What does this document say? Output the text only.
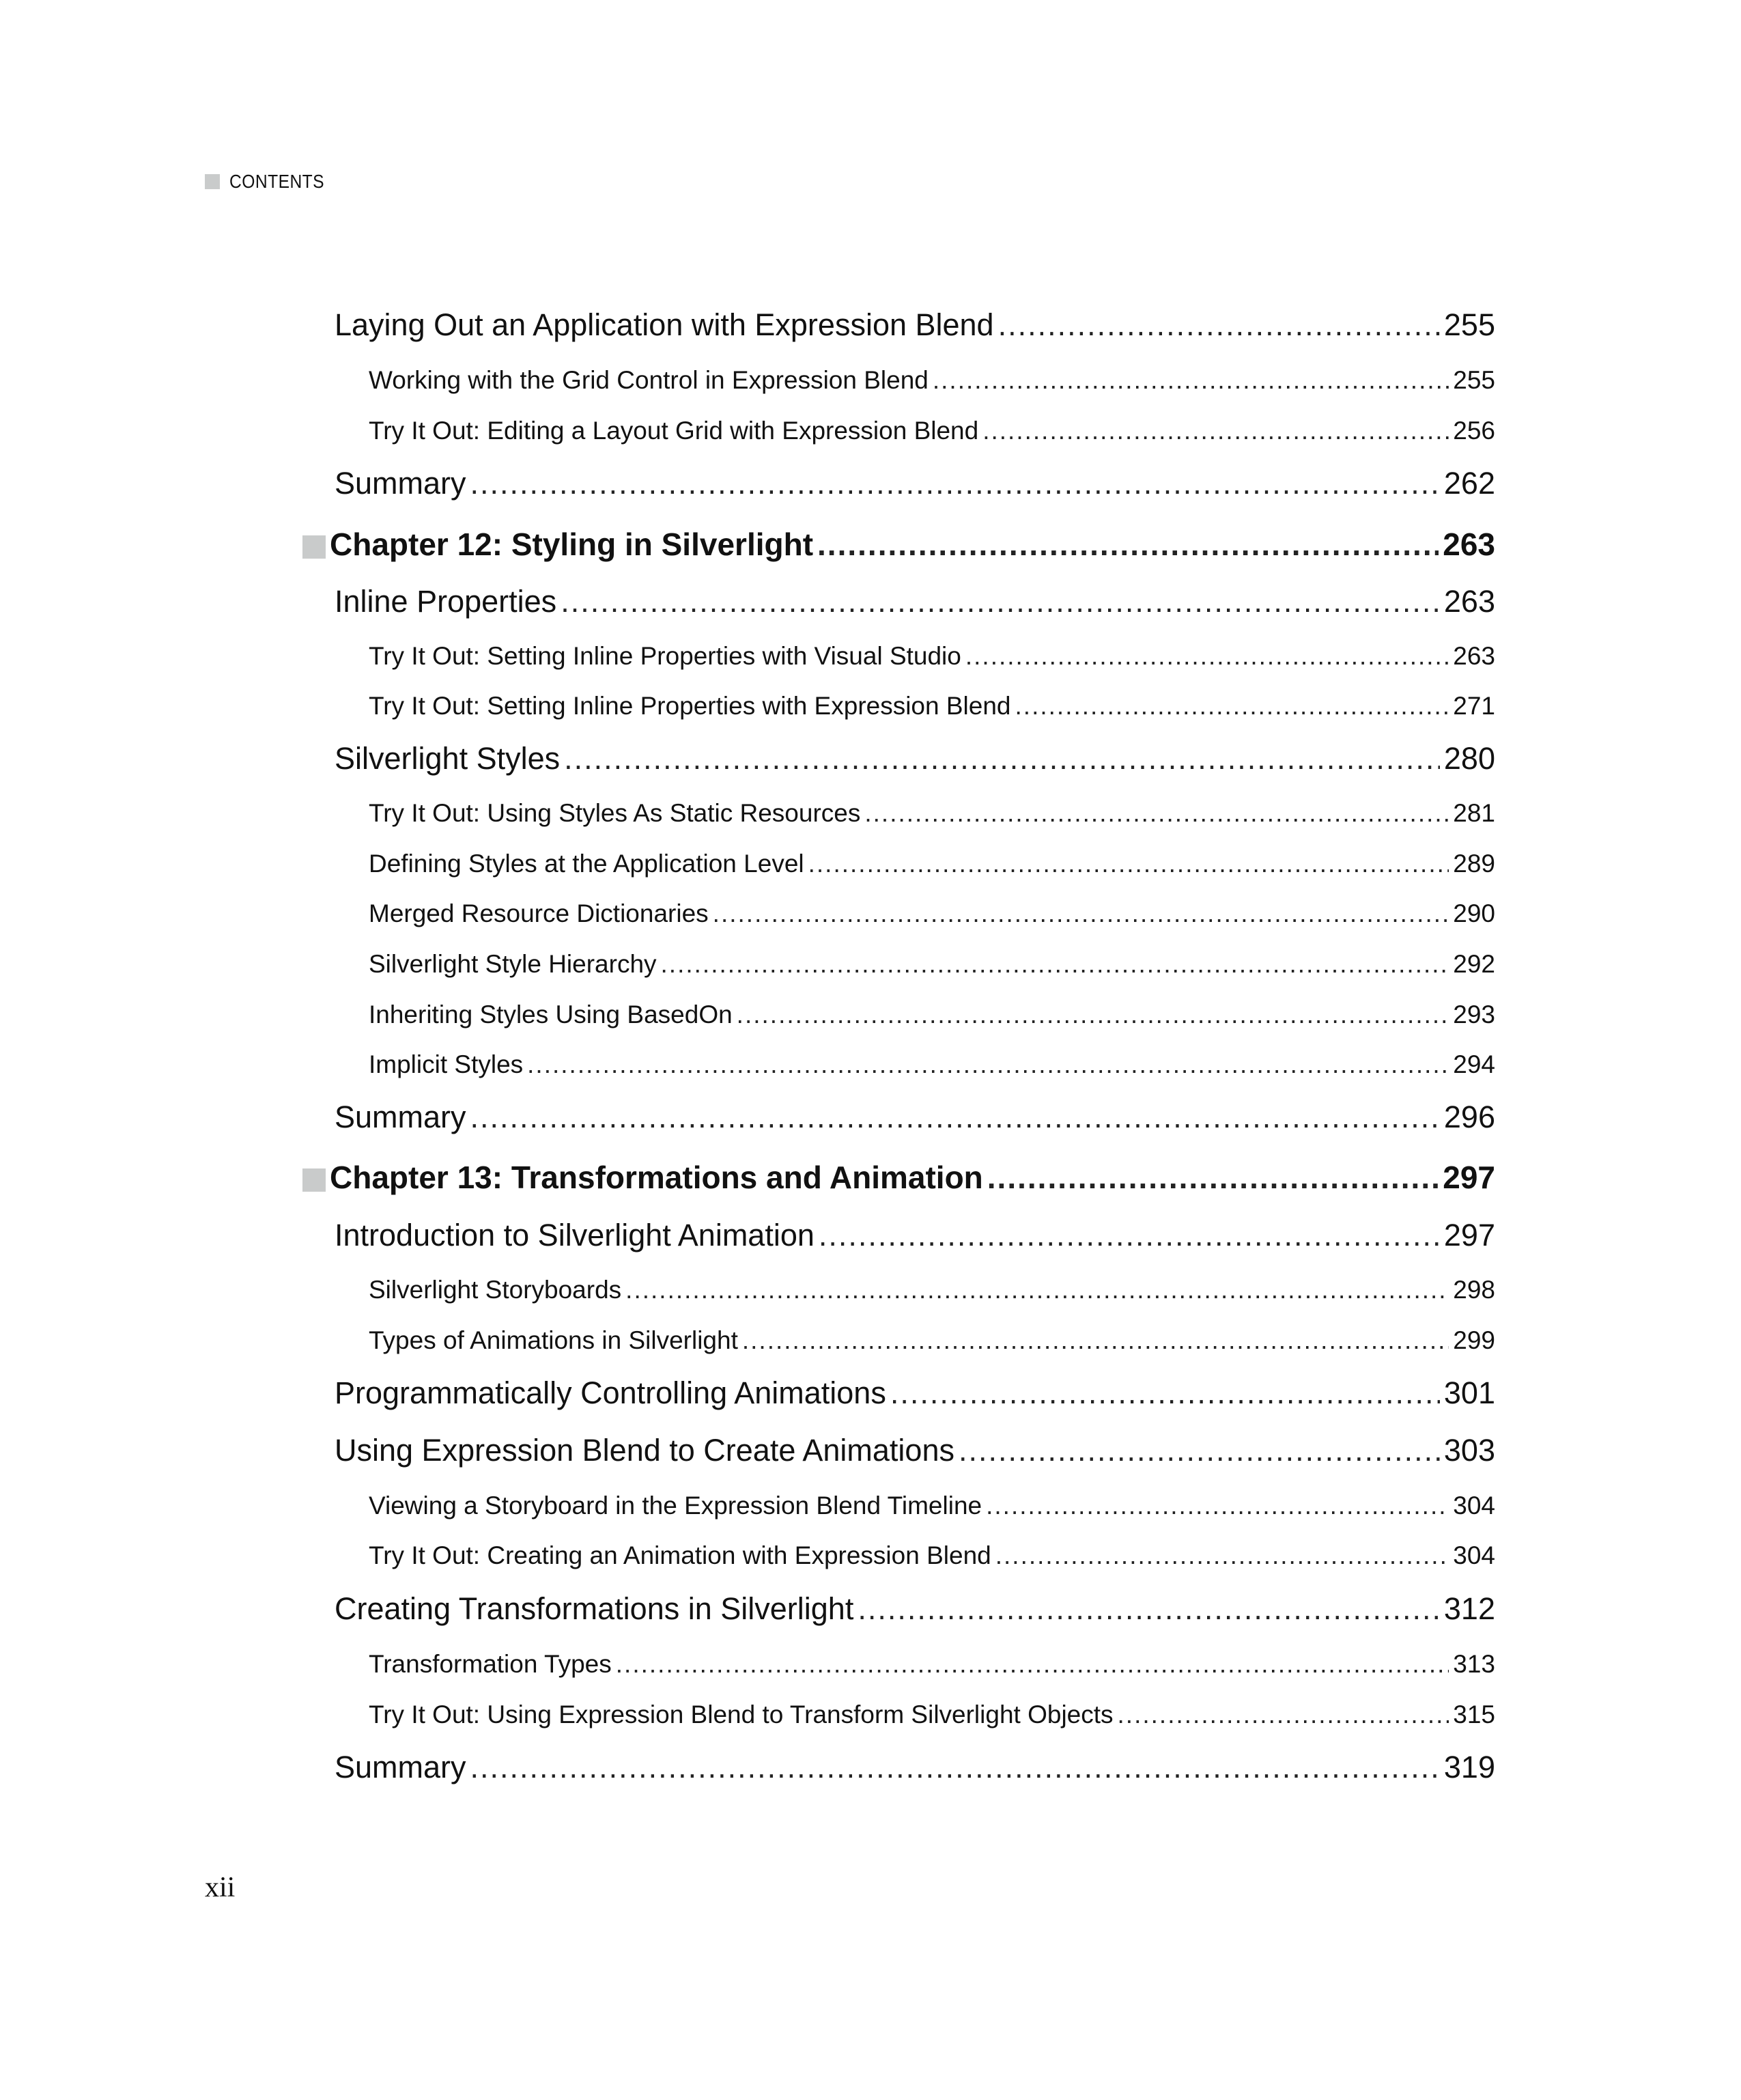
CONTENTS
Laying Out an Application with Expression Blend .....	255
Working with the Grid Control in Expression Blend .....	255
Try It Out: Editing a Layout Grid with Expression Blend .....	256
Summary .....	262
Chapter 12: Styling in Silverlight .....	263
Inline Properties .....	263
Try It Out: Setting Inline Properties with Visual Studio .....	263
Try It Out: Setting Inline Properties with Expression Blend .....	271
Silverlight Styles .....	280
Try It Out: Using Styles As Static Resources .....	281
Defining Styles at the Application Level .....	289
Merged Resource Dictionaries .....	290
Silverlight Style Hierarchy .....	292
Inheriting Styles Using BasedOn .....	293
Implicit Styles .....	294
Summary .....	296
Chapter 13: Transformations and Animation .....	297
Introduction to Silverlight Animation .....	297
Silverlight Storyboards .....	298
Types of Animations in Silverlight .....	299
Programmatically Controlling Animations .....	301
Using Expression Blend to Create Animations .....	303
Viewing a Storyboard in the Expression Blend Timeline .....	304
Try It Out: Creating an Animation with Expression Blend .....	304
Creating Transformations in Silverlight .....	312
Transformation Types .....	313
Try It Out: Using Expression Blend to Transform Silverlight Objects .....	315
Summary .....	319
xii
